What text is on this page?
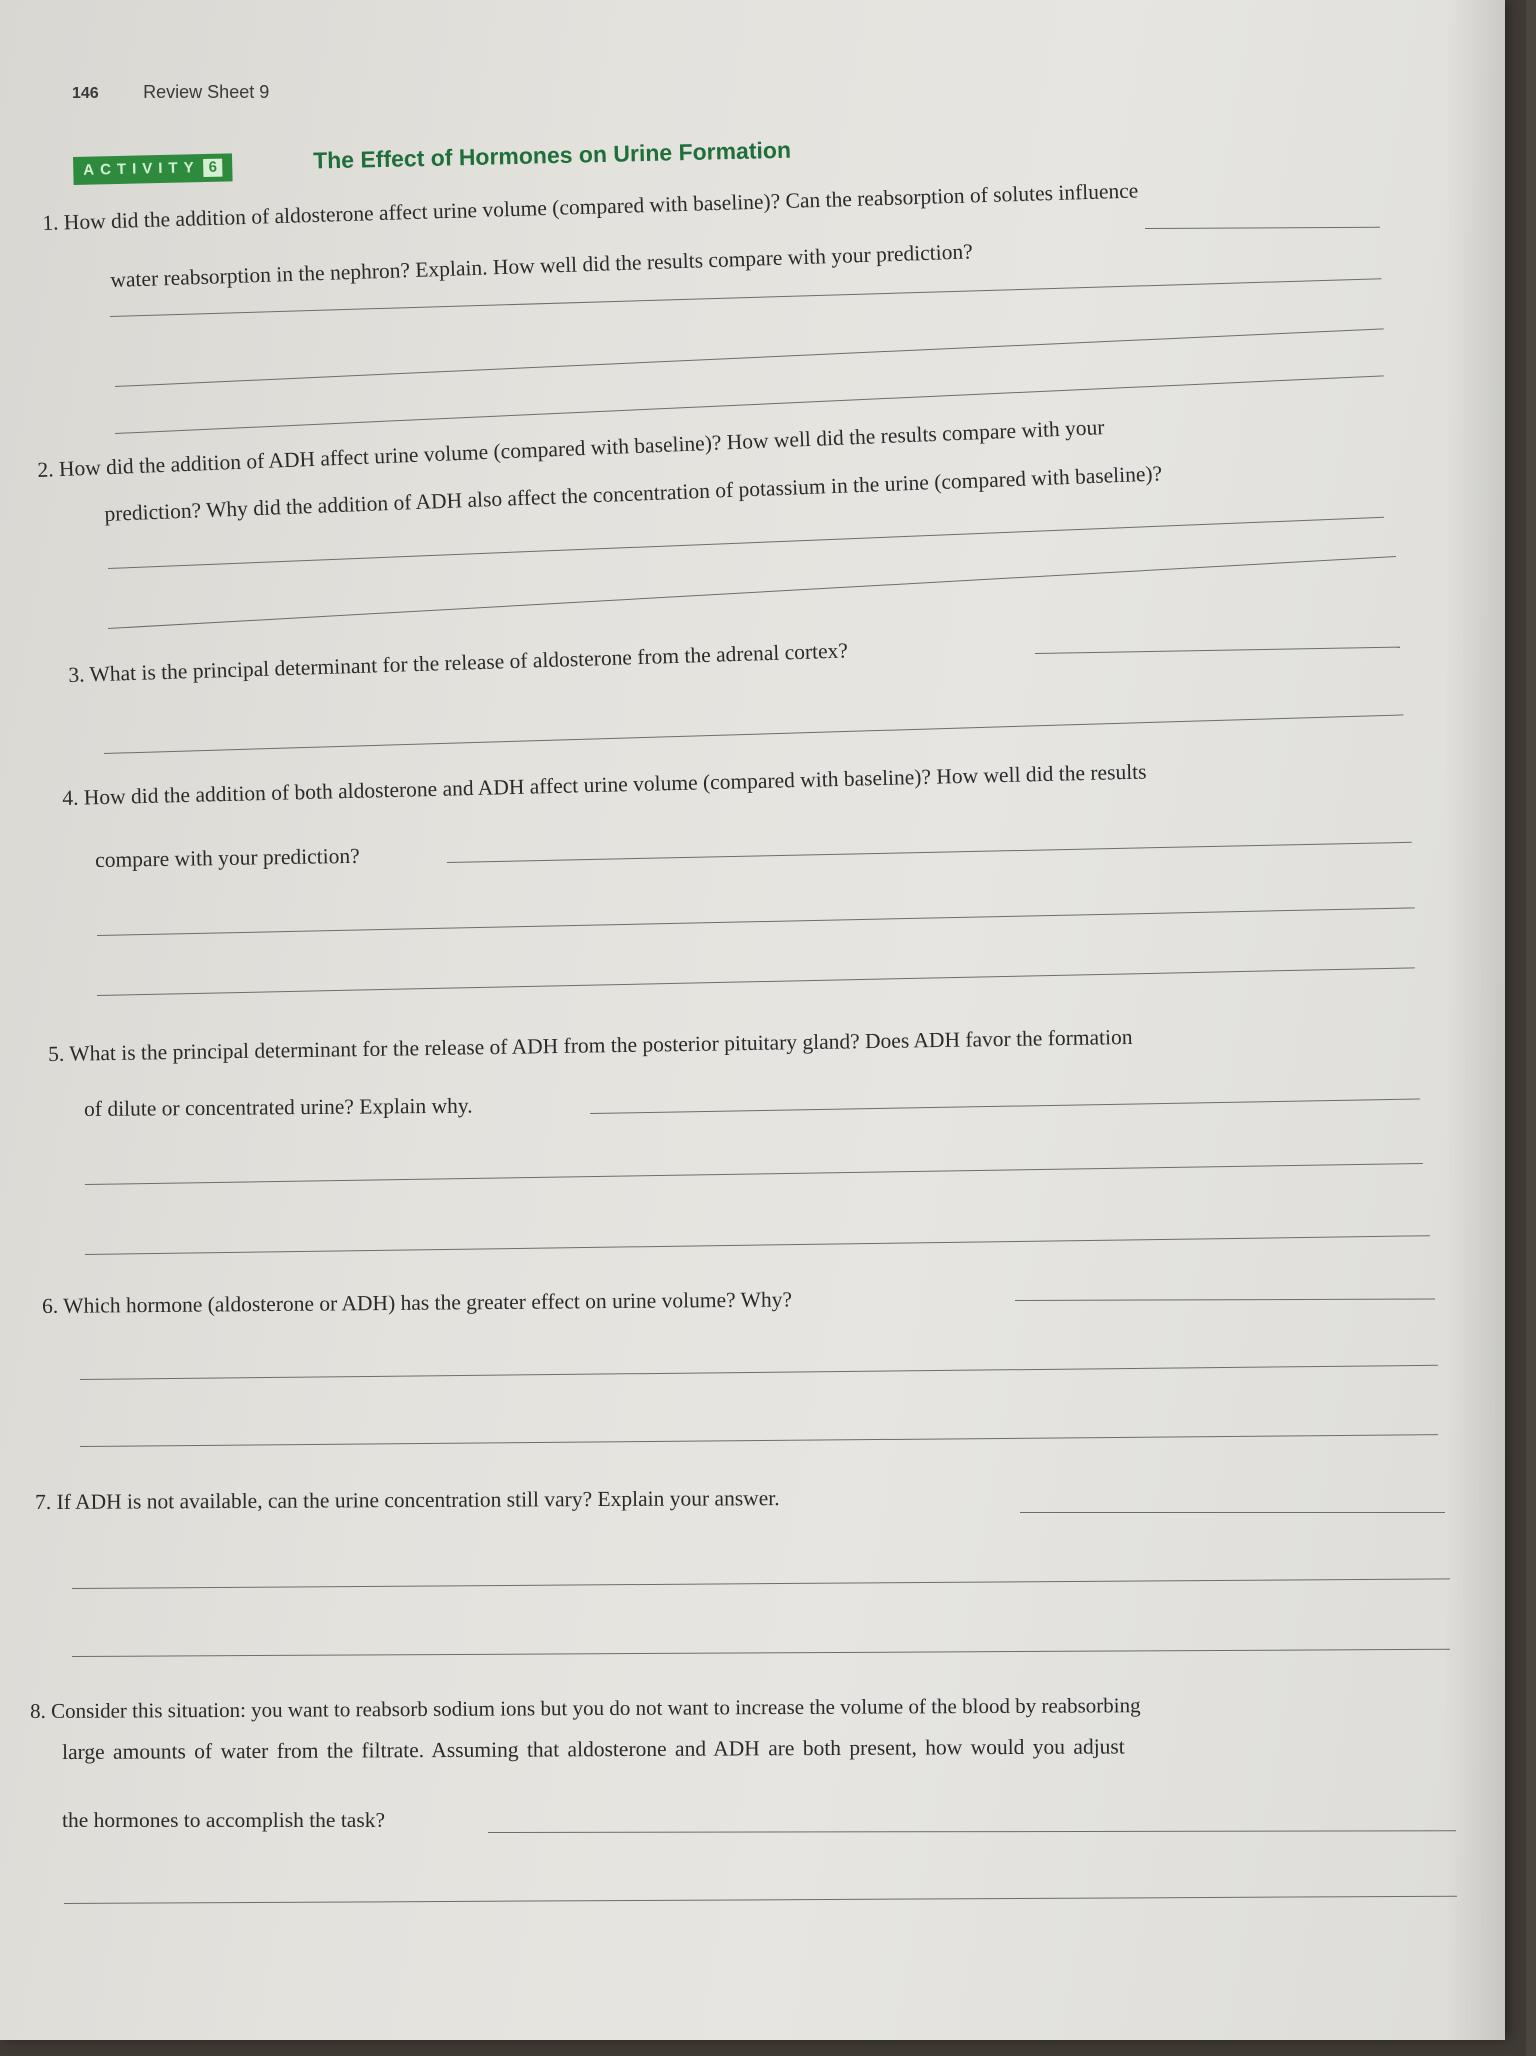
146 Review Sheet 9
ACTIVITY 6	The Effect of Hormones on Urine Formation
1. How did the addition of aldosterone affect urine volume (compared with baseline)? Can the reabsorption of solutes influence
water reabsorption in the nephron? Explain. How well did the results compare with your prediction?
2. How did the addition of ADH affect urine volume (compared with baseline)? How well did the results compare with your
prediction? Why did the addition of ADH also affect the concentration of potassium in the urine (compared with baseline)?
3. What is the principal determinant for the release of aldosterone from the adrenal cortex?
4. How did the addition of both aldosterone and ADH affect urine volume (compared with baseline)? How well did the results
compare with your prediction?
5. What is the principal determinant for the release of ADH from the posterior pituitary gland? Does ADH favor the formation
of dilute or concentrated urine? Explain why.
6. Which hormone (aldosterone or ADH) has the greater effect on urine volume? Why?
7. If ADH is not available, can the urine concentration still vary? Explain your answer.
8. Consider this situation: you want to reabsorb sodium ions but you do not want to increase the volume of the blood by reabsorbing
large amounts of water from the filtrate. Assuming that aldosterone and ADH are both present, how would you adjust
the hormones to accomplish the task?
